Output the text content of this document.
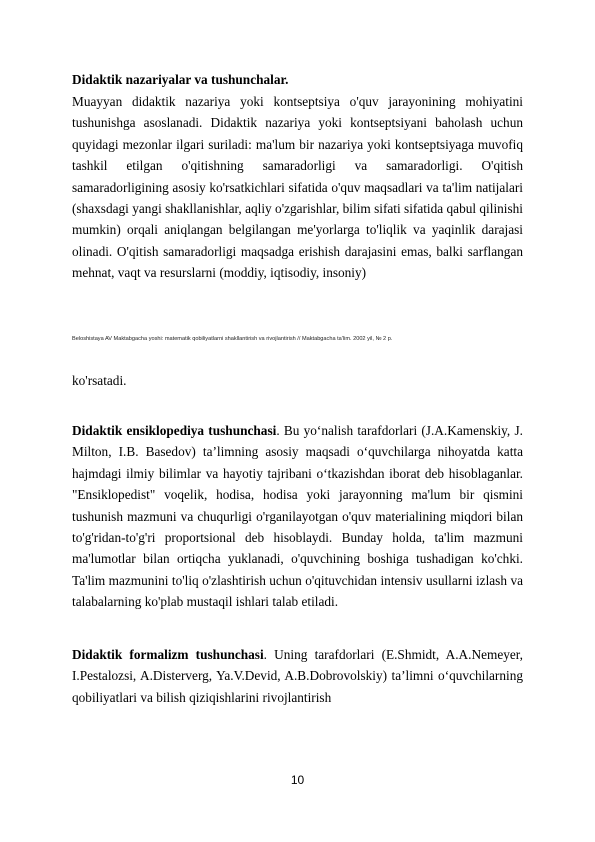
Didaktik nazariyalar va tushunchalar.

Muayyan didaktik nazariya yoki kontseptsiya o'quv jarayonining mohiyatini tushunishga asoslanadi. Didaktik nazariya yoki kontseptsiyani baholash uchun quyidagi mezonlar ilgari suriladi: ma'lum bir nazariya yoki kontseptsiyaga muvofiq tashkil etilgan o'qitishning samaradorligi va samaradorligi. O'qitish samaradorligining asosiy ko'rsatkichlari sifatida o'quv maqsadlari va ta'lim natijalari (shaxsdagi yangi shakllanishlar, aqliy o'zgarishlar, bilim sifati sifatida qabul qilinishi mumkin) orqali aniqlangan belgilangan me'yorlarga to'liqlik va yaqinlik darajasi olinadi. O'qitish samaradorligi maqsadga erishish darajasini emas, balki sarflangan mehnat, vaqt va resurslarni (moddiy, iqtisodiy, insoniy)

Beloshistaya AV Maktabgacha yoshi: matematik qobiliyatlarni shakllantirish va rivojlantirish // Maktabgacha ta'lim. 2002 yil, № 2 p.

ko'rsatadi.

Didaktik ensiklopediya tushunchasi. Bu yo‘nalish tarafdorlari (J.A.Kamenskiy, J. Milton, I.B. Basedov) ta’limning asosiy maqsadi o‘quvchilarga nihoyatda katta hajmdagi ilmiy bilimlar va hayotiy tajribani o‘tkazishdan iborat deb hisoblaganlar. "Ensiklopedist" voqelik, hodisa, hodisa yoki jarayonning ma'lum bir qismini tushunish mazmuni va chuqurligi o'rganilayotgan o'quv materialining miqdori bilan to'g'ridan-to'g'ri proportsional deb hisoblaydi. Bunday holda, ta'lim mazmuni ma'lumotlar bilan ortiqcha yuklanadi, o'quvchining boshiga tushadigan ko'chki. Ta'lim mazmunini to'liq o'zlashtirish uchun o'qituvchidan intensiv usullarni izlash va talabalarning ko'plab mustaqil ishlari talab etiladi.

Didaktik formalizm tushunchasi. Uning tarafdorlari (E.Shmidt, A.A.Nemeyer, I.Pestalozsi, A.Disterverg, Ya.V.Devid, A.B.Dobrovolskiy) ta’limni o‘quvchilarning qobiliyatlari va bilish qiziqishlarini rivojlantirish

10
